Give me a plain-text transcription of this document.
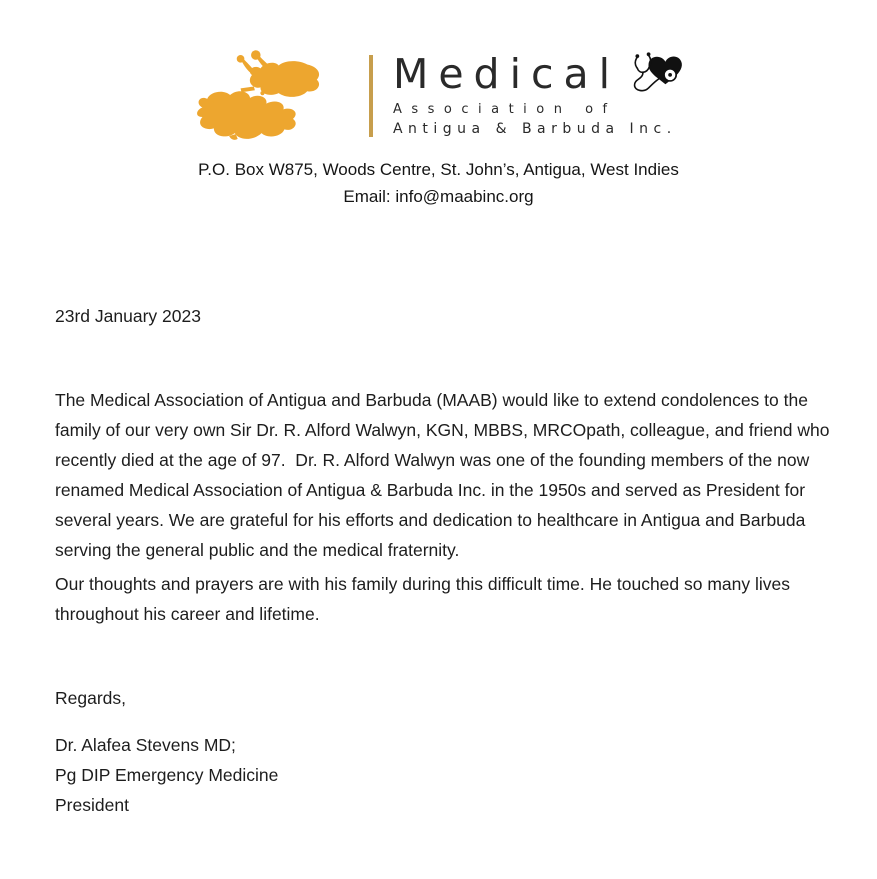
Medical
Association of
Antigua & Barbuda Inc.
P.O. Box W875, Woods Centre, St. John’s, Antigua, West Indies
Email: info@maabinc.org
23rd January 2023

The Medical Association of Antigua and Barbuda (MAAB) would like to extend condolences to the family of our very own Sir Dr. R. Alford Walwyn, KGN, MBBS, MRCOpath, colleague, and friend who recently died at the age of 97.  Dr. R. Alford Walwyn was one of the founding members of the now renamed Medical Association of Antigua & Barbuda Inc. in the 1950s and served as President for several years. We are grateful for his efforts and dedication to healthcare in Antigua and Barbuda serving the general public and the medical fraternity.

Our thoughts and prayers are with his family during this difficult time. He touched so many lives throughout his career and lifetime.

Regards,
Dr. Alafea Stevens MD;
Pg DIP Emergency Medicine
President
